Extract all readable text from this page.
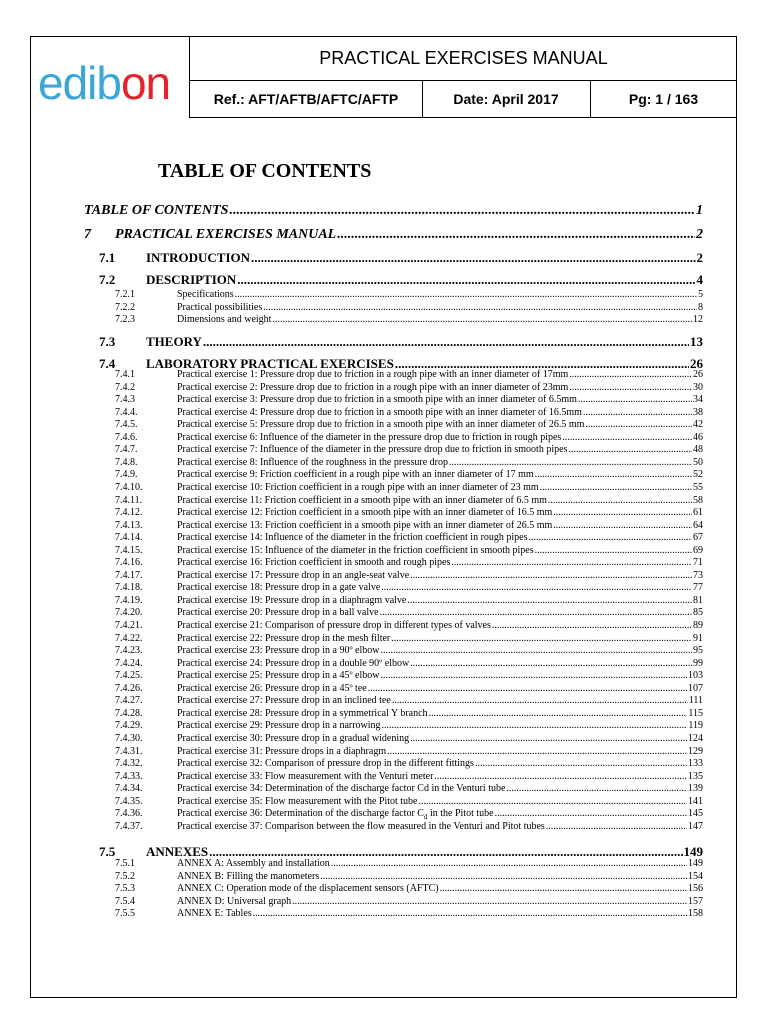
edibon	PRACTICAL EXERCISES MANUAL
Ref.: AFT/AFTB/AFTC/AFTP	Date: April 2017	Pg: 1 / 163
TABLE OF CONTENTS
TABLE OF CONTENTS .....	1
7	PRACTICAL EXERCISES MANUAL .....	2
7.1	INTRODUCTION .....	2
7.2	DESCRIPTION .....	4
7.2.1	Specifications .....	5
7.2.2	Practical possibilities .....	8
7.2.3	Dimensions and weight .....	12
7.3	THEORY .....	13
7.4	LABORATORY PRACTICAL EXERCISES .....	26
7.4.1	Practical exercise 1: Pressure drop due to friction in a rough pipe with an inner diameter of 17mm .....	26
7.4.2	Practical exercise 2: Pressure drop due to friction in a rough pipe with an inner diameter of 23mm .....	30
7.4.3	Practical exercise 3: Pressure drop due to friction in a smooth pipe with an inner diameter of 6.5mm .....	34
7.4.4.	Practical exercise 4: Pressure drop due to friction in a smooth pipe with an inner diameter of 16.5mm .....	38
7.4.5.	Practical exercise 5: Pressure drop due to friction in a smooth pipe with an inner diameter of 26.5 mm .....	42
7.4.6.	Practical exercise 6: Influence of the diameter in the pressure drop due to friction in rough pipes .....	46
7.4.7.	Practical exercise 7: Influence of the diameter in the pressure drop due to friction in smooth pipes .....	48
7.4.8.	Practical exercise 8: Influence of the roughness in the pressure drop .....	50
7.4.9.	Practical exercise 9: Friction coefficient in a rough pipe with an inner diameter of 17 mm .....	52
7.4.10.	Practical exercise 10: Friction coefficient in a rough pipe with an inner diameter of 23 mm .....	55
7.4.11.	Practical exercise 11: Friction coefficient in a smooth pipe with an inner diameter of 6.5 mm .....	58
7.4.12.	Practical exercise 12: Friction coefficient in a smooth pipe with an inner diameter of 16.5 mm .....	61
7.4.13.	Practical exercise 13: Friction coefficient in a smooth pipe with an inner diameter of 26.5 mm .....	64
7.4.14.	Practical exercise 14: Influence of the diameter in the friction coefficient in rough pipes .....	67
7.4.15.	Practical exercise 15: Influence of the diameter in the friction coefficient in smooth pipes .....	69
7.4.16.	Practical exercise 16: Friction coefficient in smooth and rough pipes .....	71
7.4.17.	Practical exercise 17: Pressure drop in an angle-seat valve .....	73
7.4.18.	Practical exercise 18: Pressure drop in a gate valve .....	77
7.4.19.	Practical exercise 19: Pressure drop in a diaphragm valve .....	81
7.4.20.	Practical exercise 20: Pressure drop in a ball valve .....	85
7.4.21.	Practical exercise 21: Comparison of pressure drop in different types of valves .....	89
7.4.22.	Practical exercise 22: Pressure drop in the mesh filter .....	91
7.4.23.	Practical exercise 23: Pressure drop in a 90º elbow .....	95
7.4.24.	Practical exercise 24: Pressure drop in a double 90º elbow .....	99
7.4.25.	Practical exercise 25: Pressure drop in a 45º elbow .....	103
7.4.26.	Practical exercise 26: Pressure drop in a 45º tee .....	107
7.4.27.	Practical exercise 27: Pressure drop in an inclined tee .....	111
7.4.28.	Practical exercise 28: Pressure drop in a symmetrical Y branch .....	115
7.4.29.	Practical exercise 29: Pressure drop in a narrowing .....	119
7.4.30.	Practical exercise 30: Pressure drop in a gradual widening .....	124
7.4.31.	Practical exercise 31: Pressure drops in a diaphragm .....	129
7.4.32.	Practical exercise 32: Comparison of pressure drop in the different fittings .....	133
7.4.33.	Practical exercise 33: Flow measurement with the Venturi meter .....	135
7.4.34.	Practical exercise 34: Determination of the discharge factor Cd in the Venturi tube .....	139
7.4.35.	Practical exercise 35: Flow measurement with the Pitot tube .....	141
7.4.36.	Practical exercise 36: Determination of the discharge factor $C_d$ in the Pitot tube .....	145
7.4.37.	Practical exercise 37: Comparison between the flow measured in the Venturi and Pitot tubes .....	147
7.5	ANNEXES .....	149
7.5.1	ANNEX A: Assembly and installation .....	149
7.5.2	ANNEX B: Filling the manometers .....	154
7.5.3	ANNEX C: Operation mode of the displacement sensors (AFTC) .....	156
7.5.4	ANNEX D: Universal graph .....	157
7.5.5	ANNEX E: Tables .....	158
